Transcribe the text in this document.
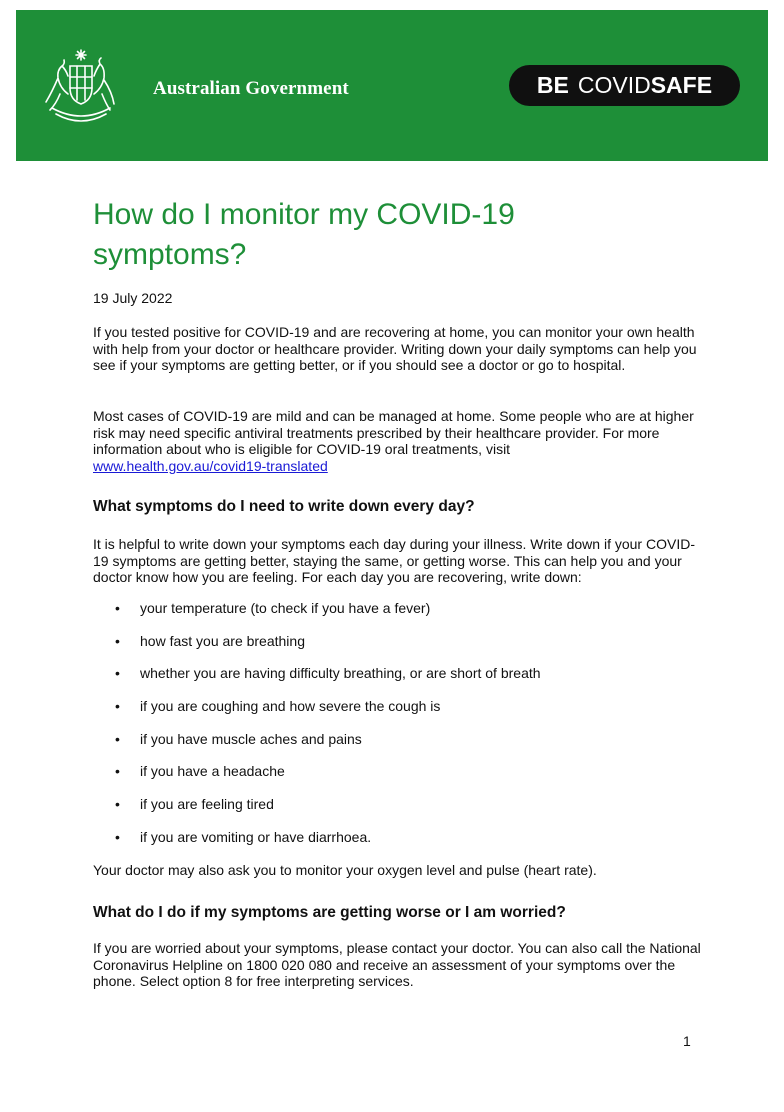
Australian Government	BE COVID SAFE
How do I monitor my COVID-19 symptoms?
19 July 2022

If you tested positive for COVID-19 and are recovering at home, you can monitor your own health with help from your doctor or healthcare provider. Writing down your daily symptoms can help you see if your symptoms are getting better, or if you should see a doctor or go to hospital.

Most cases of COVID-19 are mild and can be managed at home. Some people who are at higher risk may need specific antiviral treatments prescribed by their healthcare provider. For more information about who is eligible for COVID-19 oral treatments, visit
www.health.gov.au/covid19-translated

What symptoms do I need to write down every day?

It is helpful to write down your symptoms each day during your illness. Write down if your COVID-19 symptoms are getting better, staying the same, or getting worse. This can help you and your doctor know how you are feeling. For each day you are recovering, write down:

• your temperature (to check if you have a fever)
• how fast you are breathing
• whether you are having difficulty breathing, or are short of breath
• if you are coughing and how severe the cough is
• if you have muscle aches and pains
• if you have a headache
• if you are feeling tired
• if you are vomiting or have diarrhoea.

Your doctor may also ask you to monitor your oxygen level and pulse (heart rate).

What do I do if my symptoms are getting worse or I am worried?

If you are worried about your symptoms, please contact your doctor. You can also call the National Coronavirus Helpline on 1800 020 080 and receive an assessment of your symptoms over the phone. Select option 8 for free interpreting services.

1
